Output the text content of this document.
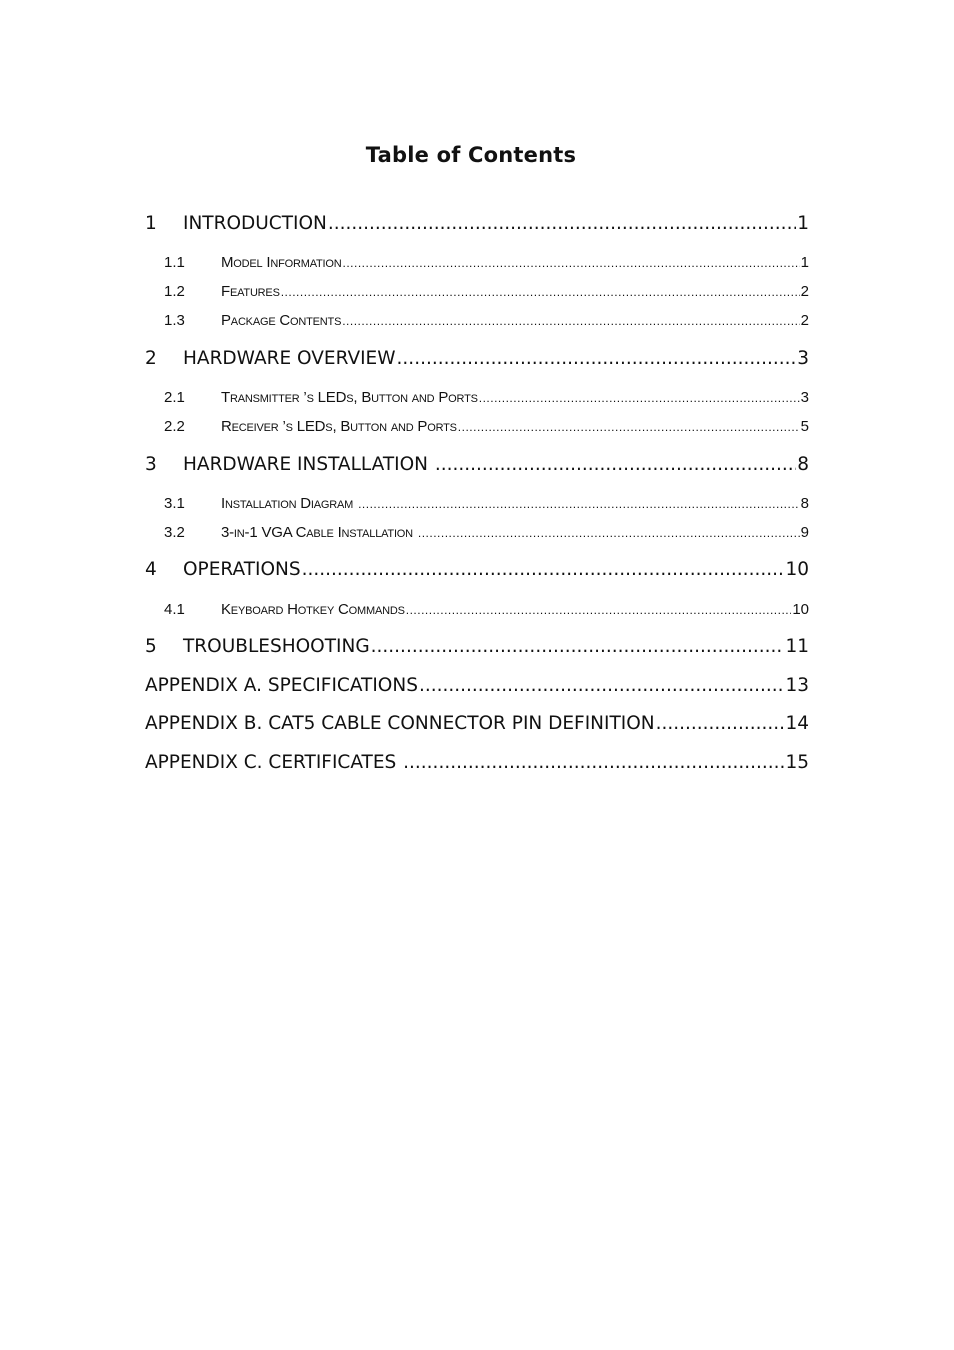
Table of Contents
1	INTRODUCTION .....	1
1.1	Model Information .....	1
1.2	Features .....	2
1.3	Package Contents .....	2
2	HARDWARE OVERVIEW .....	3
2.1	Transmitter ’s LEDs, Button and Ports .....	3
2.2	Receiver ’s LEDs, Button and Ports .....	5
3	HARDWARE INSTALLATION .....	8
3.1	Installation Diagram .....	8
3.2	3-in-1 VGA Cable Installation .....	9
4	OPERATIONS .....	10
4.1	Keyboard Hotkey Commands .....	10
5	TROUBLESHOOTING .....	11
APPENDIX A. SPECIFICATIONS .....	13
APPENDIX B. CAT5 CABLE CONNECTOR PIN DEFINITION .....	14
APPENDIX C. CERTIFICATES .....	15
